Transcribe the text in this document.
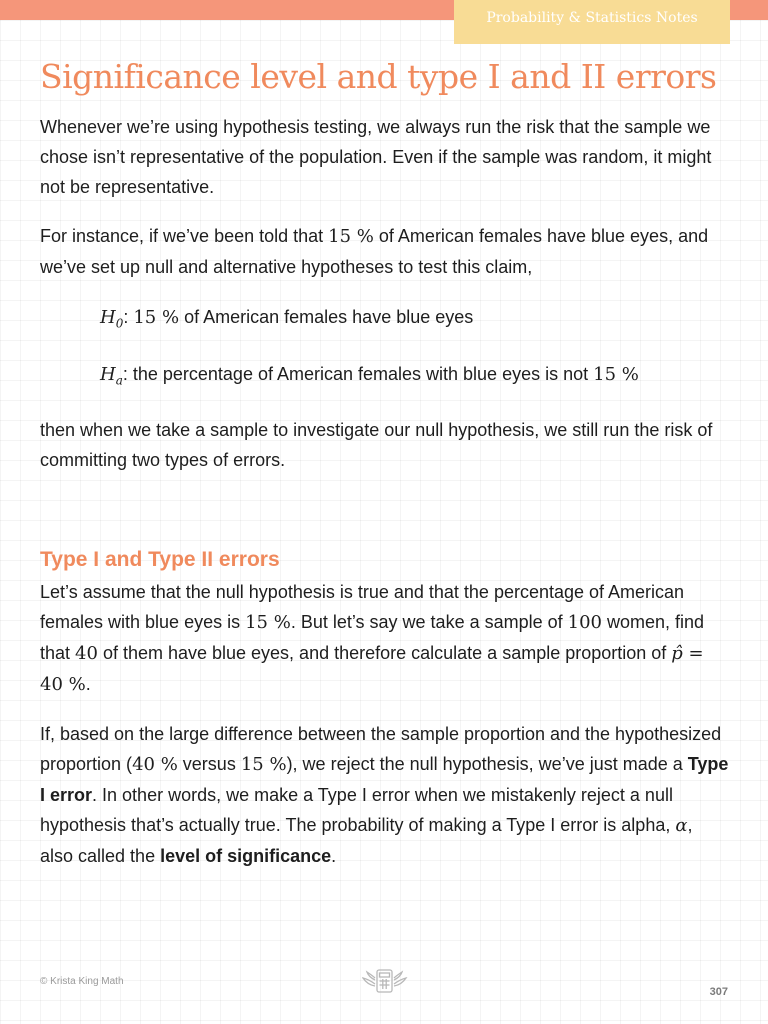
Probability & Statistics Notes
Significance level and type I and II errors

Whenever we’re using hypothesis testing, we always run the risk that the sample we chose isn’t representative of the population. Even if the sample was random, it might not be representative.

For instance, if we’ve been told that 15 % of American females have blue eyes, and we’ve set up null and alternative hypotheses to test this claim,

$H_0$: 15 % of American females have blue eyes

$H_a$: the percentage of American females with blue eyes is not 15 %

then when we take a sample to investigate our null hypothesis, we still run the risk of committing two types of errors.

Type I and Type II errors

Let’s assume that the null hypothesis is true and that the percentage of American females with blue eyes is 15 %. But let’s say we take a sample of 100 women, find that 40 of them have blue eyes, and therefore calculate a sample proportion of p̂ = 40 %.

If, based on the large difference between the sample proportion and the hypothesized proportion (40 % versus 15 %), we reject the null hypothesis, we’ve just made a Type I error. In other words, we make a Type I error when we mistakenly reject a null hypothesis that’s actually true. The probability of making a Type I error is alpha, α, also called the level of significance.

© Krista King Math
307
